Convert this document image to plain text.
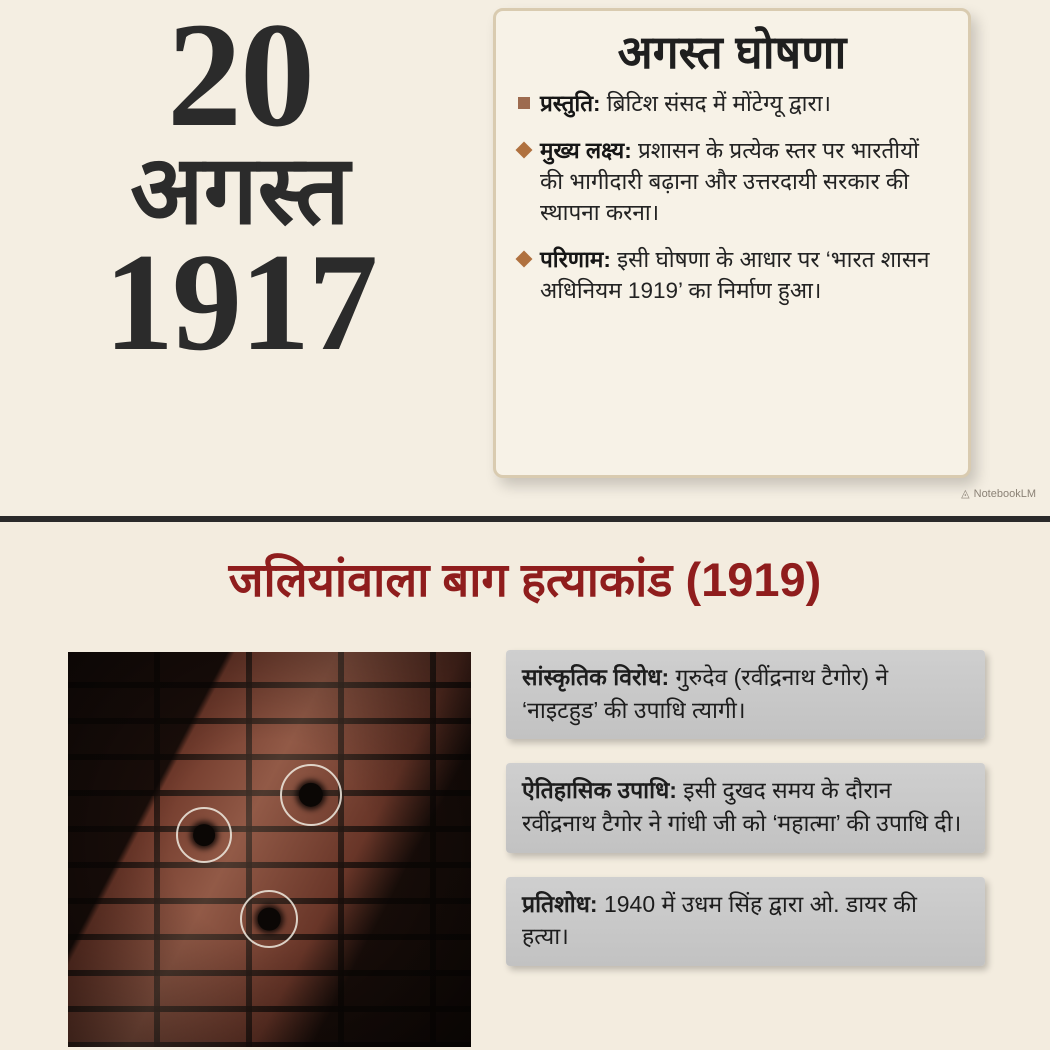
20
अगस्त
1917
अगस्त घोषणा
प्रस्तुति: ब्रिटिश संसद में मोंटेग्यू द्वारा।
मुख्य लक्ष्य: प्रशासन के प्रत्येक स्तर पर भारतीयों की भागीदारी बढ़ाना और उत्तरदायी सरकार की स्थापना करना।
परिणाम: इसी घोषणा के आधार पर ‘भारत शासन अधिनियम 1919’ का निर्माण हुआ।
◬ NotebookLM
जलियांवाला बाग हत्याकांड (1919)
सांस्कृतिक विरोध: गुरुदेव (रवींद्रनाथ टैगोर) ने ‘नाइटहुड’ की उपाधि त्यागी।
ऐतिहासिक उपाधि: इसी दुखद समय के दौरान रवींद्रनाथ टैगोर ने गांधी जी को ‘महात्मा’ की उपाधि दी।
प्रतिशोध: 1940 में उधम सिंह द्वारा ओ. डायर की हत्या।
